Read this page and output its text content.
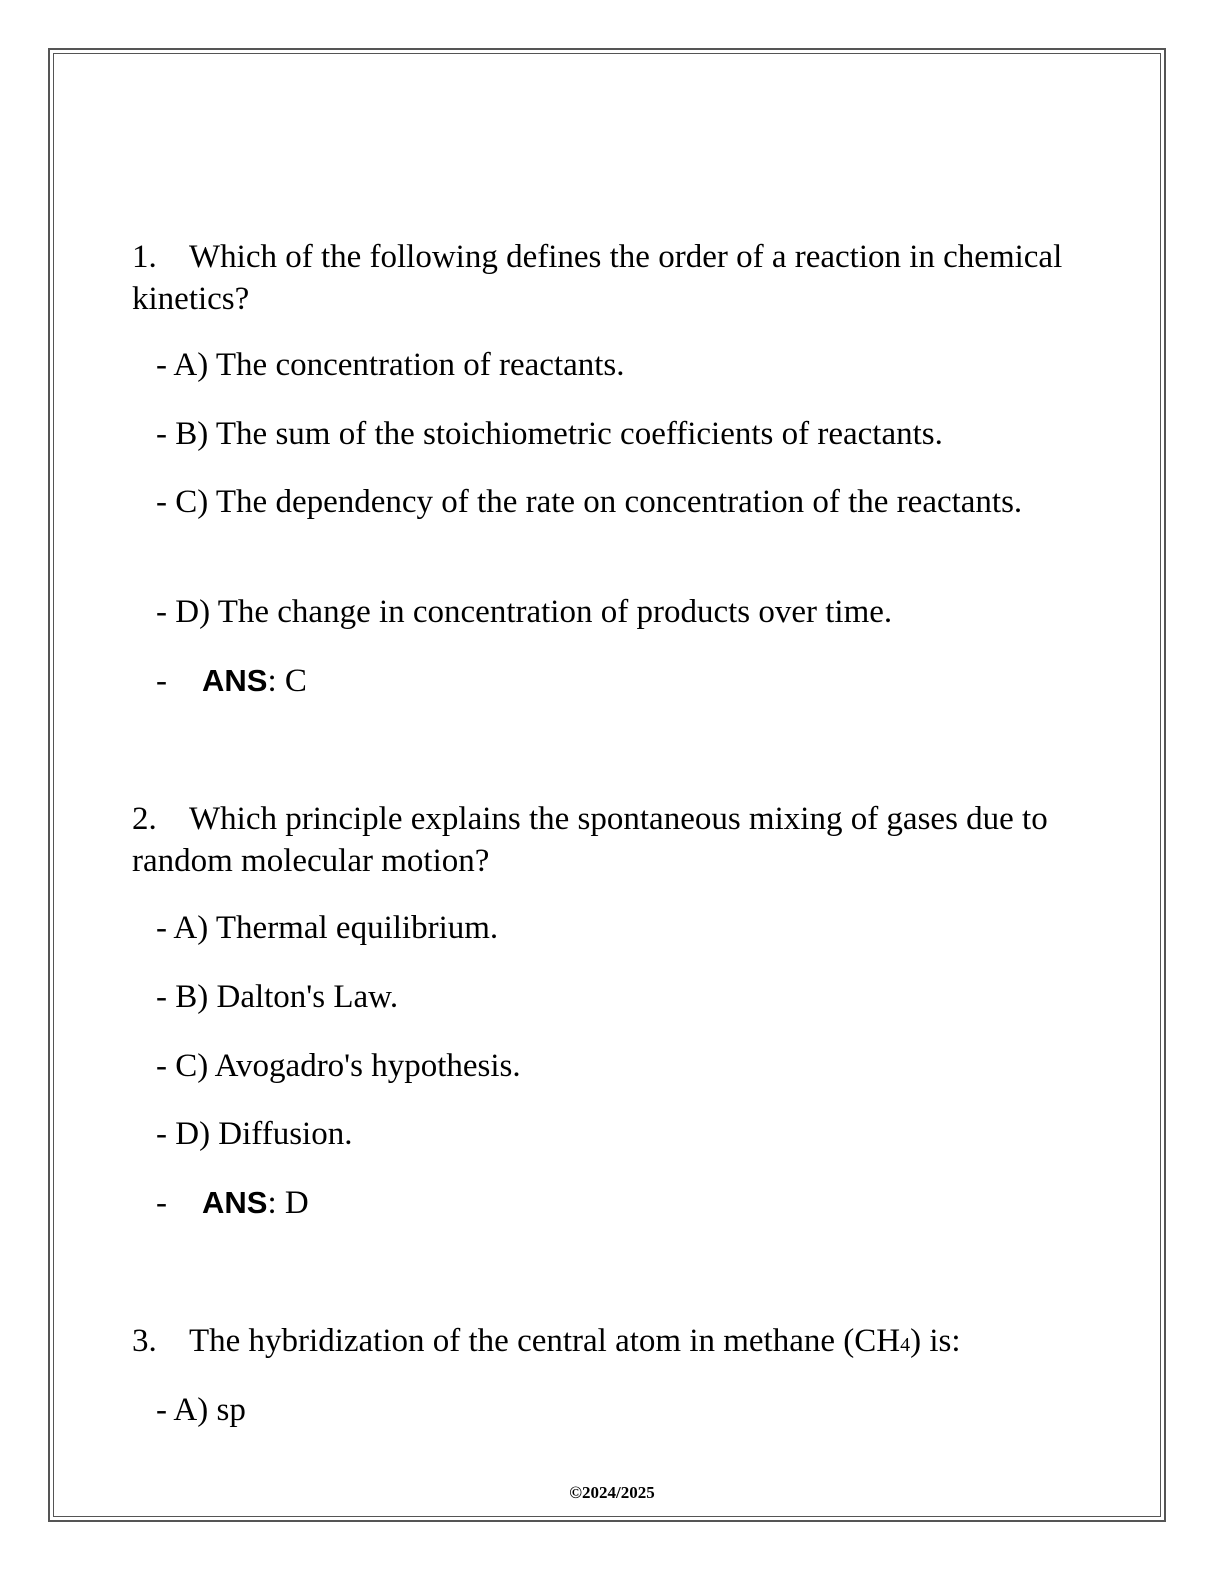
1. Which of the following defines the order of a reaction in chemical kinetics?

- A) The concentration of reactants.

- B) The sum of the stoichiometric coefficients of reactants.

- C) The dependency of the rate on concentration of the reactants.

- D) The change in concentration of products over time.

- ANS: C

2. Which principle explains the spontaneous mixing of gases due to random molecular motion?

- A) Thermal equilibrium.

- B) Dalton's Law.

- C) Avogadro's hypothesis.

- D) Diffusion.

- ANS: D

3. The hybridization of the central atom in methane (CH4) is:

- A) sp

©2024/2025
